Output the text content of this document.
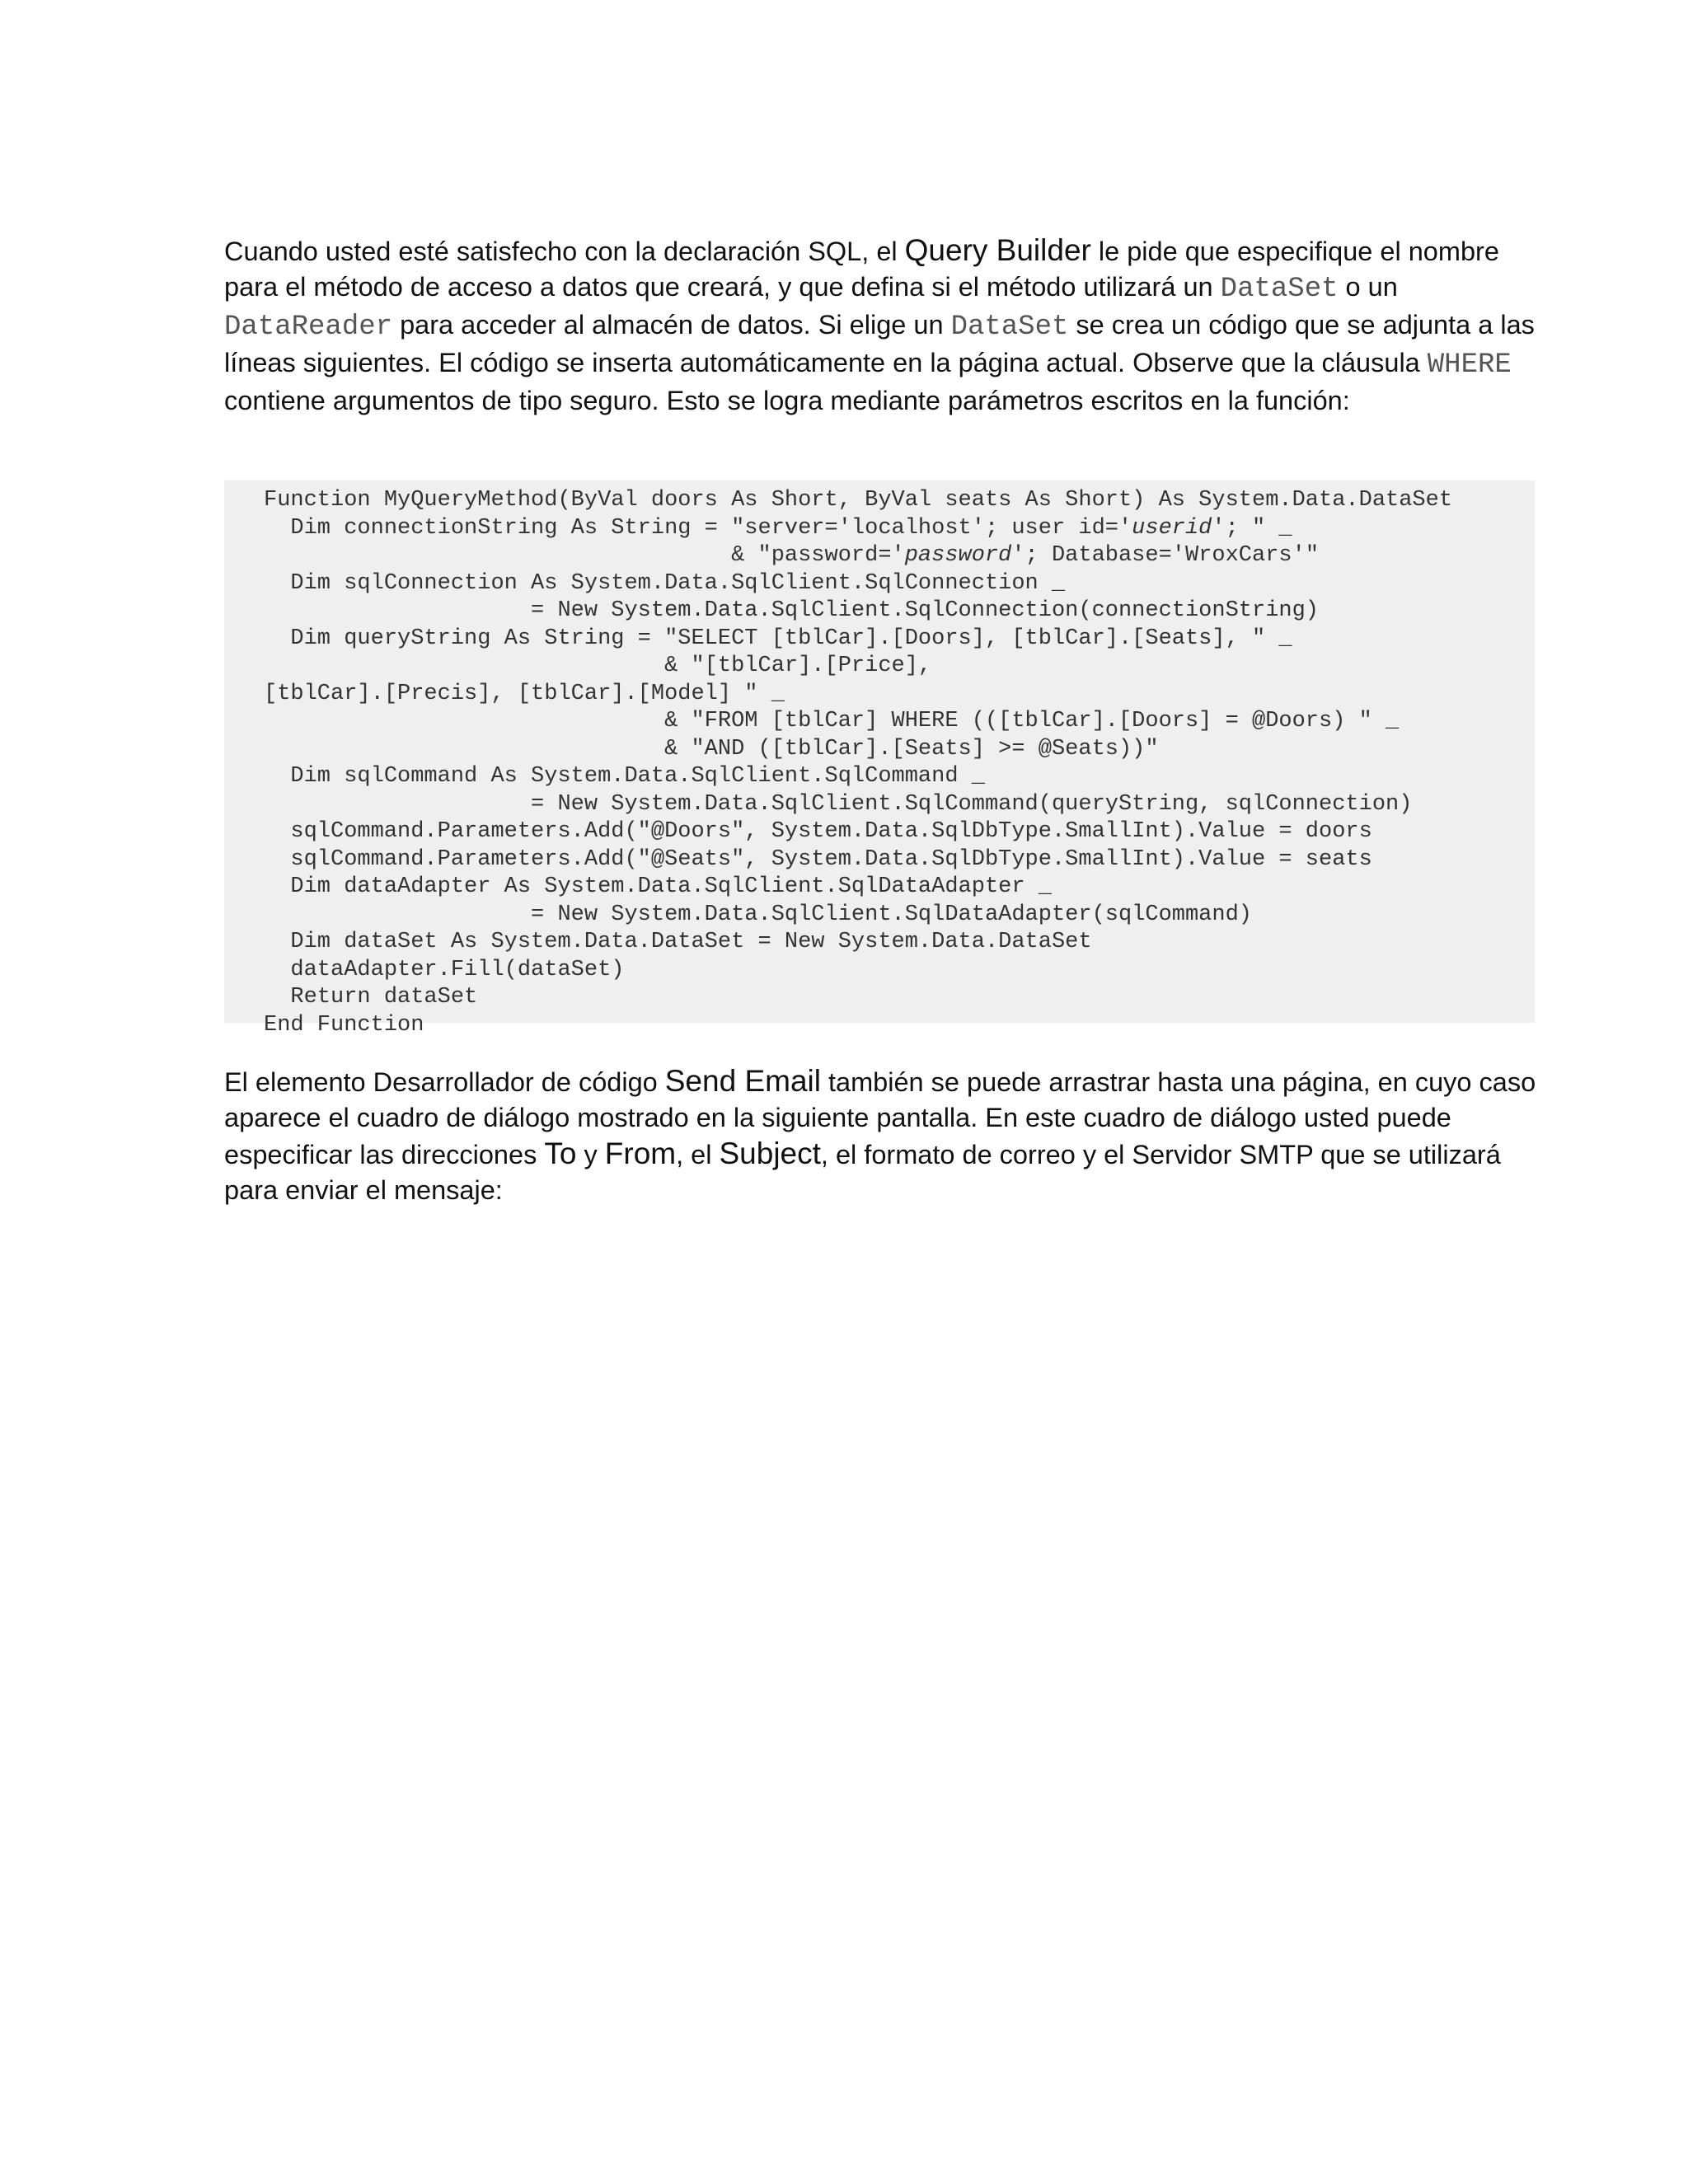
Cuando usted esté satisfecho con la declaración SQL, el Query Builder le pide que especifique el nombre para el método de acceso a datos que creará, y que defina si el método utilizará un DataSet o un DataReader para acceder al almacén de datos. Si elige un DataSet se crea un código que se adjunta a las líneas siguientes. El código se inserta automáticamente en la página actual. Observe que la cláusula WHERE contiene argumentos de tipo seguro. Esto se logra mediante parámetros escritos en la función:
Function MyQueryMethod(ByVal doors As Short, ByVal seats As Short) As System.Data.DataSet
Dim connectionString As String = "server='localhost'; user id='userid'; " _
& "password='password'; Database='WroxCars'"
Dim sqlConnection As System.Data.SqlClient.SqlConnection _
= New System.Data.SqlClient.SqlConnection(connectionString)
Dim queryString As String = "SELECT [tblCar].[Doors], [tblCar].[Seats], " _
& "[tblCar].[Price],
[tblCar].[Precis], [tblCar].[Model] " _
& "FROM [tblCar] WHERE (([tblCar].[Doors] = @Doors) " _
& "AND ([tblCar].[Seats] >= @Seats))"
Dim sqlCommand As System.Data.SqlClient.SqlCommand _
= New System.Data.SqlClient.SqlCommand(queryString, sqlConnection)
sqlCommand.Parameters.Add("@Doors", System.Data.SqlDbType.SmallInt).Value = doors
sqlCommand.Parameters.Add("@Seats", System.Data.SqlDbType.SmallInt).Value = seats
Dim dataAdapter As System.Data.SqlClient.SqlDataAdapter _
= New System.Data.SqlClient.SqlDataAdapter(sqlCommand)
Dim dataSet As System.Data.DataSet = New System.Data.DataSet
dataAdapter.Fill(dataSet)
Return dataSet
End Function
El elemento Desarrollador de código Send Email también se puede arrastrar hasta una página, en cuyo caso aparece el cuadro de diálogo mostrado en la siguiente pantalla. En este cuadro de diálogo usted puede especificar las direcciones To y From, el Subject, el formato de correo y el Servidor SMTP que se utilizará para enviar el mensaje:
